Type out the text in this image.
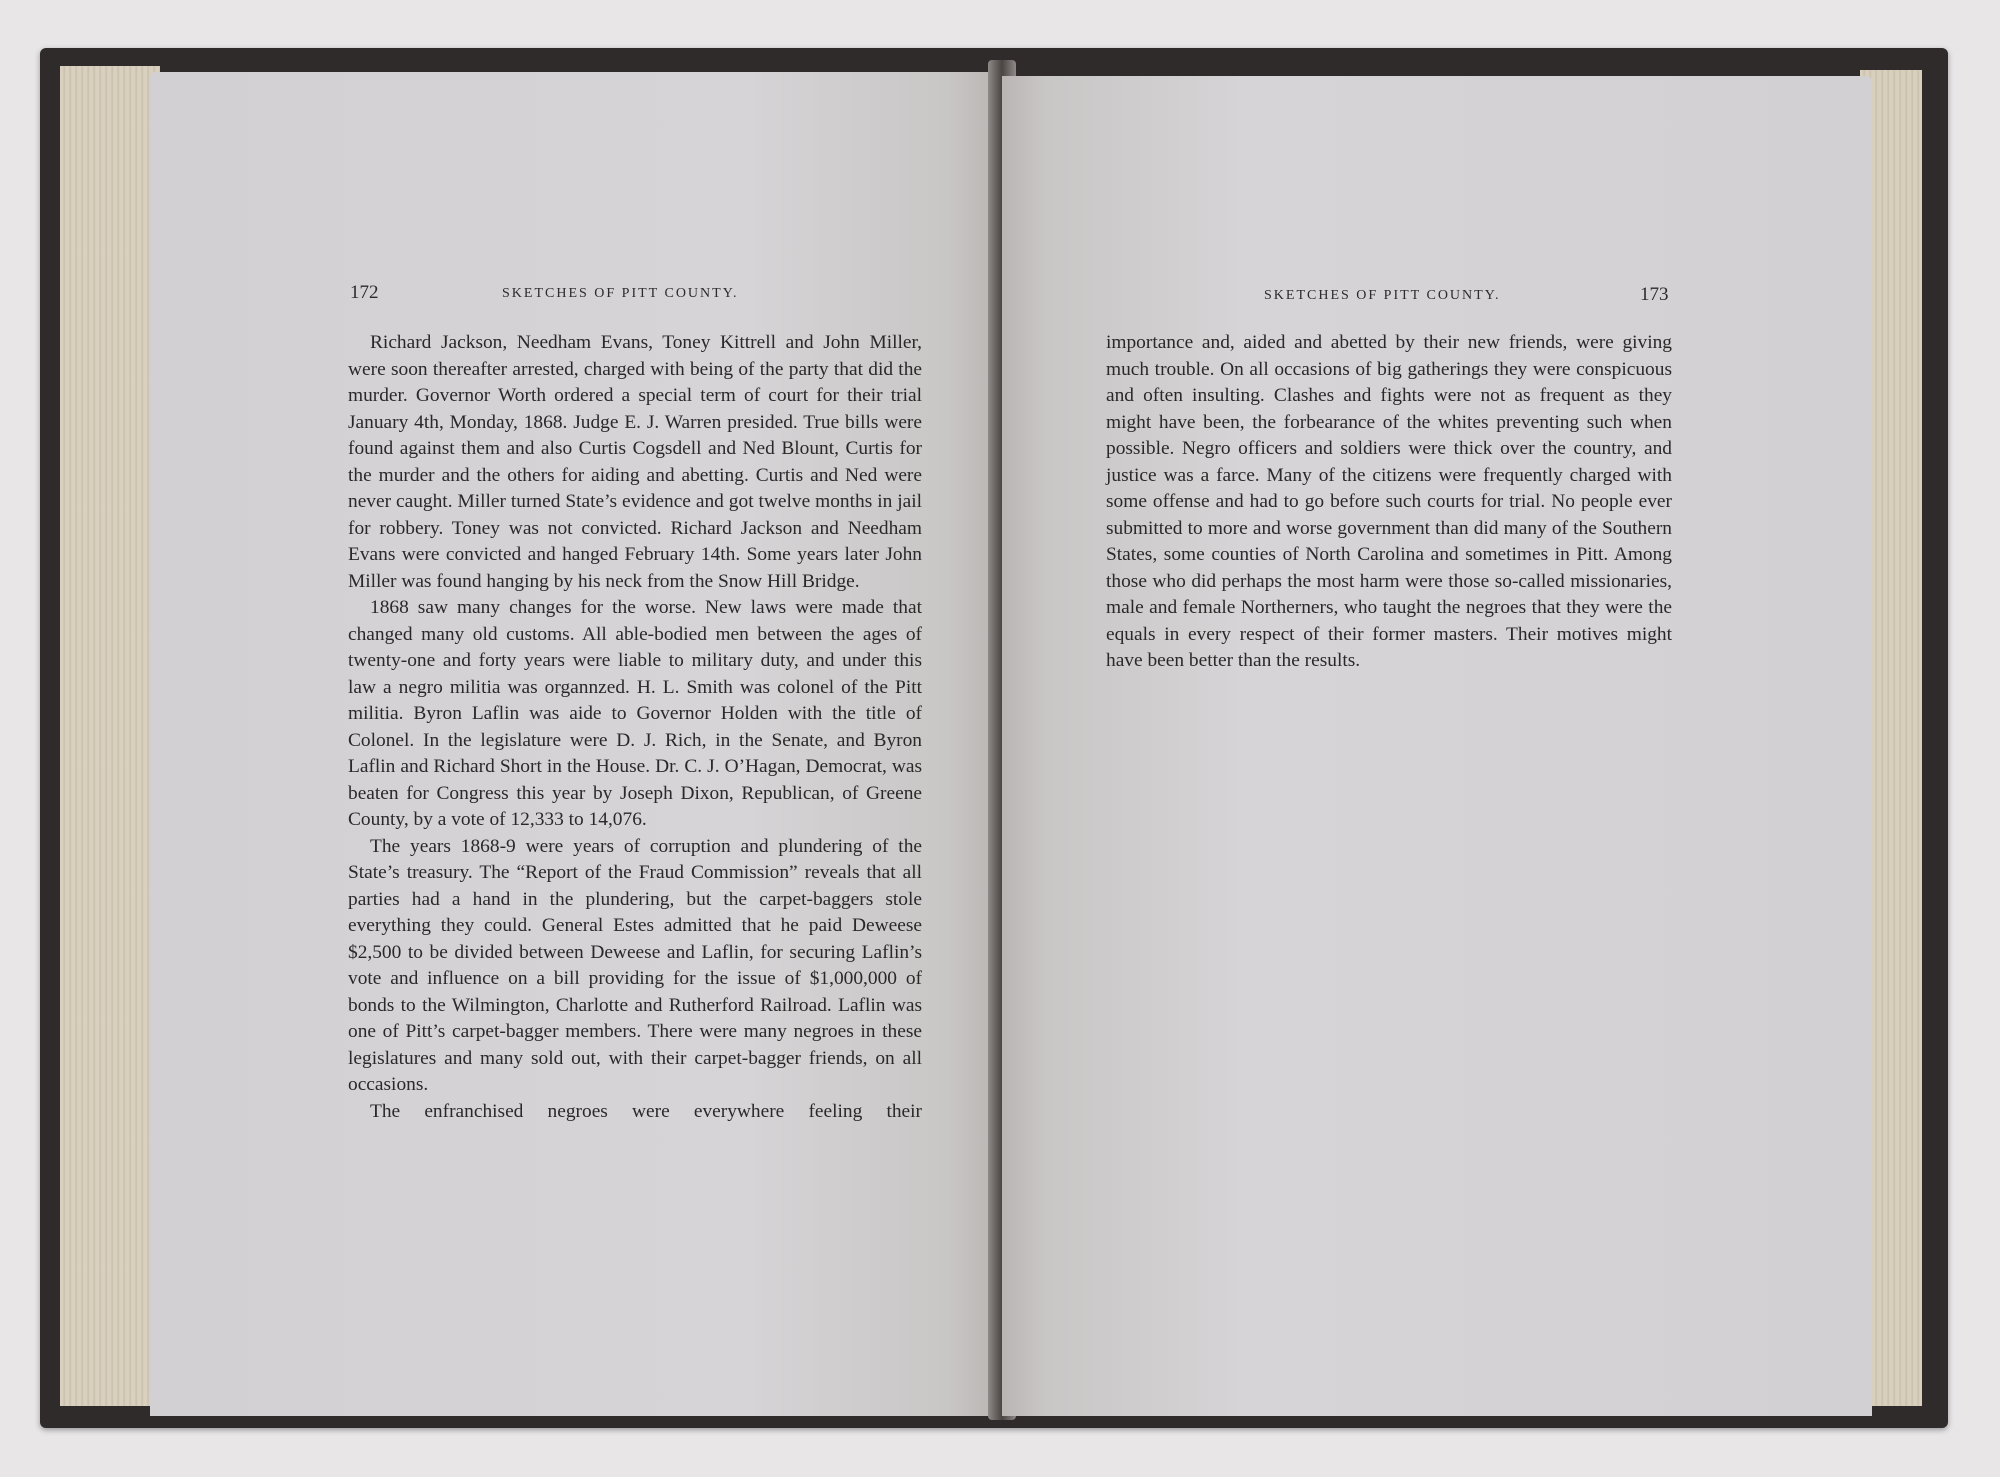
172	SKETCHES OF PITT COUNTY.

Richard Jackson, Needham Evans, Toney Kittrell and John Miller, were soon thereafter arrested, charged with being of the party that did the murder. Governor Worth ordered a special term of court for their trial January 4th, Monday, 1868. Judge E. J. Warren presided. True bills were found against them and also Curtis Cogsdell and Ned Blount, Curtis for the murder and the others for aiding and abetting. Curtis and Ned were never caught. Miller turned State’s evidence and got twelve months in jail for robbery. Toney was not convicted. Richard Jackson and Needham Evans were convicted and hanged February 14th. Some years later John Miller was found hanging by his neck from the Snow Hill Bridge.

1868 saw many changes for the worse. New laws were made that changed many old customs. All able-bodied men between the ages of twenty-one and forty years were liable to military duty, and under this law a negro militia was organnzed. H. L. Smith was colonel of the Pitt militia. Byron Laflin was aide to Governor Holden with the title of Colonel. In the legislature were D. J. Rich, in the Senate, and Byron Laflin and Richard Short in the House. Dr. C. J. O’Hagan, Democrat, was beaten for Congress this year by Joseph Dixon, Republican, of Greene County, by a vote of 12,333 to 14,076.

The years 1868-9 were years of corruption and plundering of the State’s treasury. The “Report of the Fraud Commission” reveals that all parties had a hand in the plundering, but the carpet-baggers stole everything they could. General Estes admitted that he paid Deweese $2,500 to be divided between Deweese and Laflin, for securing Laflin’s vote and influence on a bill providing for the issue of $1,000,000 of bonds to the Wilmington, Charlotte and Rutherford Railroad. Laflin was one of Pitt’s carpet-bagger members. There were many negroes in these legislatures and many sold out, with their carpet-bagger friends, on all occasions.

The enfranchised negroes were everywhere feeling their

SKETCHES OF PITT COUNTY.	173

importance and, aided and abetted by their new friends, were giving much trouble. On all occasions of big gatherings they were conspicuous and often insulting. Clashes and fights were not as frequent as they might have been, the forbearance of the whites preventing such when possible. Negro officers and soldiers were thick over the country, and justice was a farce. Many of the citizens were frequently charged with some offense and had to go before such courts for trial. No people ever submitted to more and worse government than did many of the Southern States, some counties of North Carolina and sometimes in Pitt. Among those who did perhaps the most harm were those so-called missionaries, male and female Northerners, who taught the negroes that they were the equals in every respect of their former masters. Their motives might have been better than the results.
